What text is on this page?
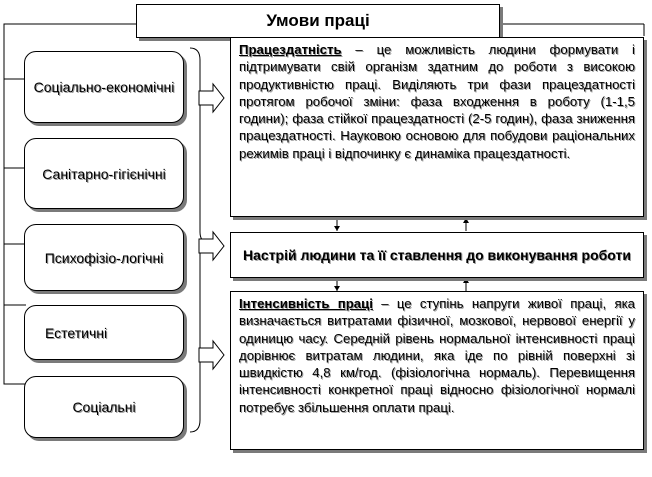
Умови праці
Соціально-економічні
Санітарно-гігієнічні
Психофізіо-логічні
Естетичні
Соціальні
Працездатність – це можливість людини формувати і підтримувати свій організм здатним до роботи з високою продуктивністю праці. Виділяють три фази працездатності протягом робочої зміни: фаза входження в роботу (1-1,5 години); фаза стійкої працездатності (2-5 годин), фаза зниження працездатності. Науковою основою для побудови раціональних режимів праці і відпочинку є динаміка працездатності.
Настрій людини та її ставлення до виконування роботи
Інтенсивність праці – це ступінь напруги живої праці, яка визначається витратами фізичної, мозкової, нервової енергії у одиницю часу. Середній рівень нормальної інтенсивності праці дорівнює витратам людини, яка іде по рівній поверхні зі швидкістю 4,8 км/год. (фізіологічна нормаль). Перевищення інтенсивності конкретної праці відносно фізіологічної нормалі потребує збільшення оплати праці.
